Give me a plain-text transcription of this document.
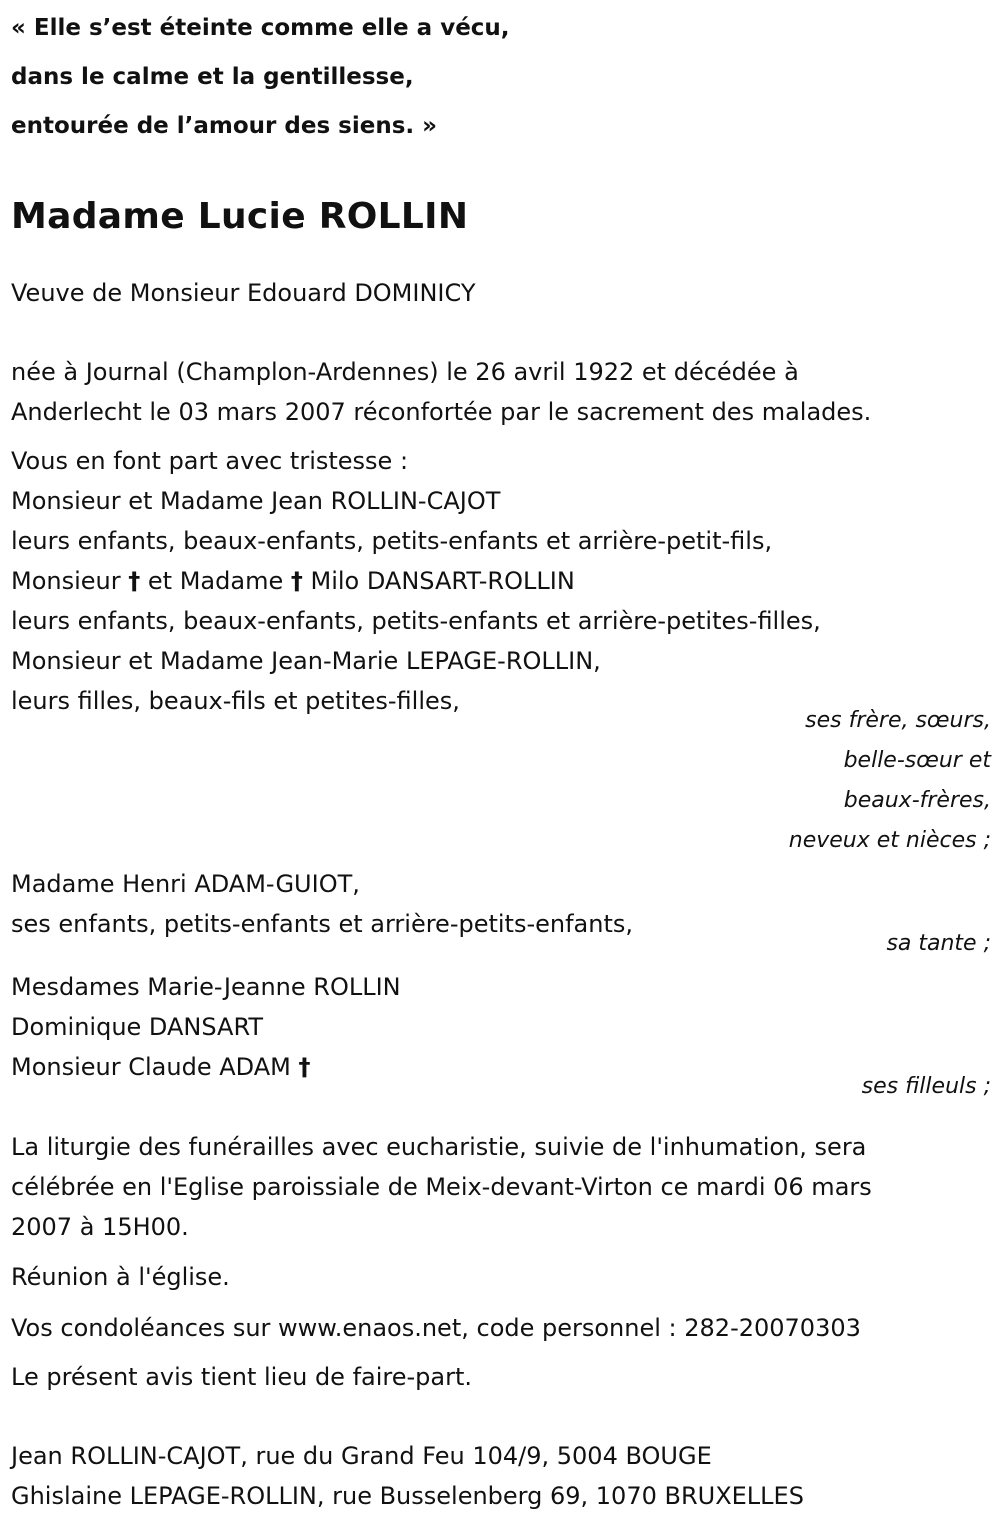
« Elle s’est éteinte comme elle a vécu,
dans le calme et la gentillesse,
entourée de l’amour des siens. »
Madame Lucie ROLLIN
Veuve de Monsieur Edouard DOMINICY
née à Journal (Champlon-Ardennes) le 26 avril 1922 et décédée à
Anderlecht le 03 mars 2007 réconfortée par le sacrement des malades.
Vous en font part avec tristesse :
Monsieur et Madame Jean ROLLIN-CAJOT
leurs enfants, beaux-enfants, petits-enfants et arrière-petit-fils,
Monsieur † et Madame † Milo DANSART-ROLLIN
leurs enfants, beaux-enfants, petits-enfants et arrière-petites-filles,
Monsieur et Madame Jean-Marie LEPAGE-ROLLIN,
leurs filles, beaux-fils et petites-filles,
ses frère, sœurs,
belle-sœur et
beaux-frères,
neveux et nièces ;
Madame Henri ADAM-GUIOT,
ses enfants, petits-enfants et arrière-petits-enfants,
sa tante ;
Mesdames Marie-Jeanne ROLLIN
Dominique DANSART
Monsieur Claude ADAM †
ses filleuls ;
La liturgie des funérailles avec eucharistie, suivie de l'inhumation, sera
célébrée en l'Eglise paroissiale de Meix-devant-Virton ce mardi 06 mars
2007 à 15H00.
Réunion à l'église.
Vos condoléances sur www.enaos.net, code personnel : 282-20070303
Le présent avis tient lieu de faire-part.
Jean ROLLIN-CAJOT, rue du Grand Feu 104/9, 5004 BOUGE
Ghislaine LEPAGE-ROLLIN, rue Busselenberg 69, 1070 BRUXELLES
